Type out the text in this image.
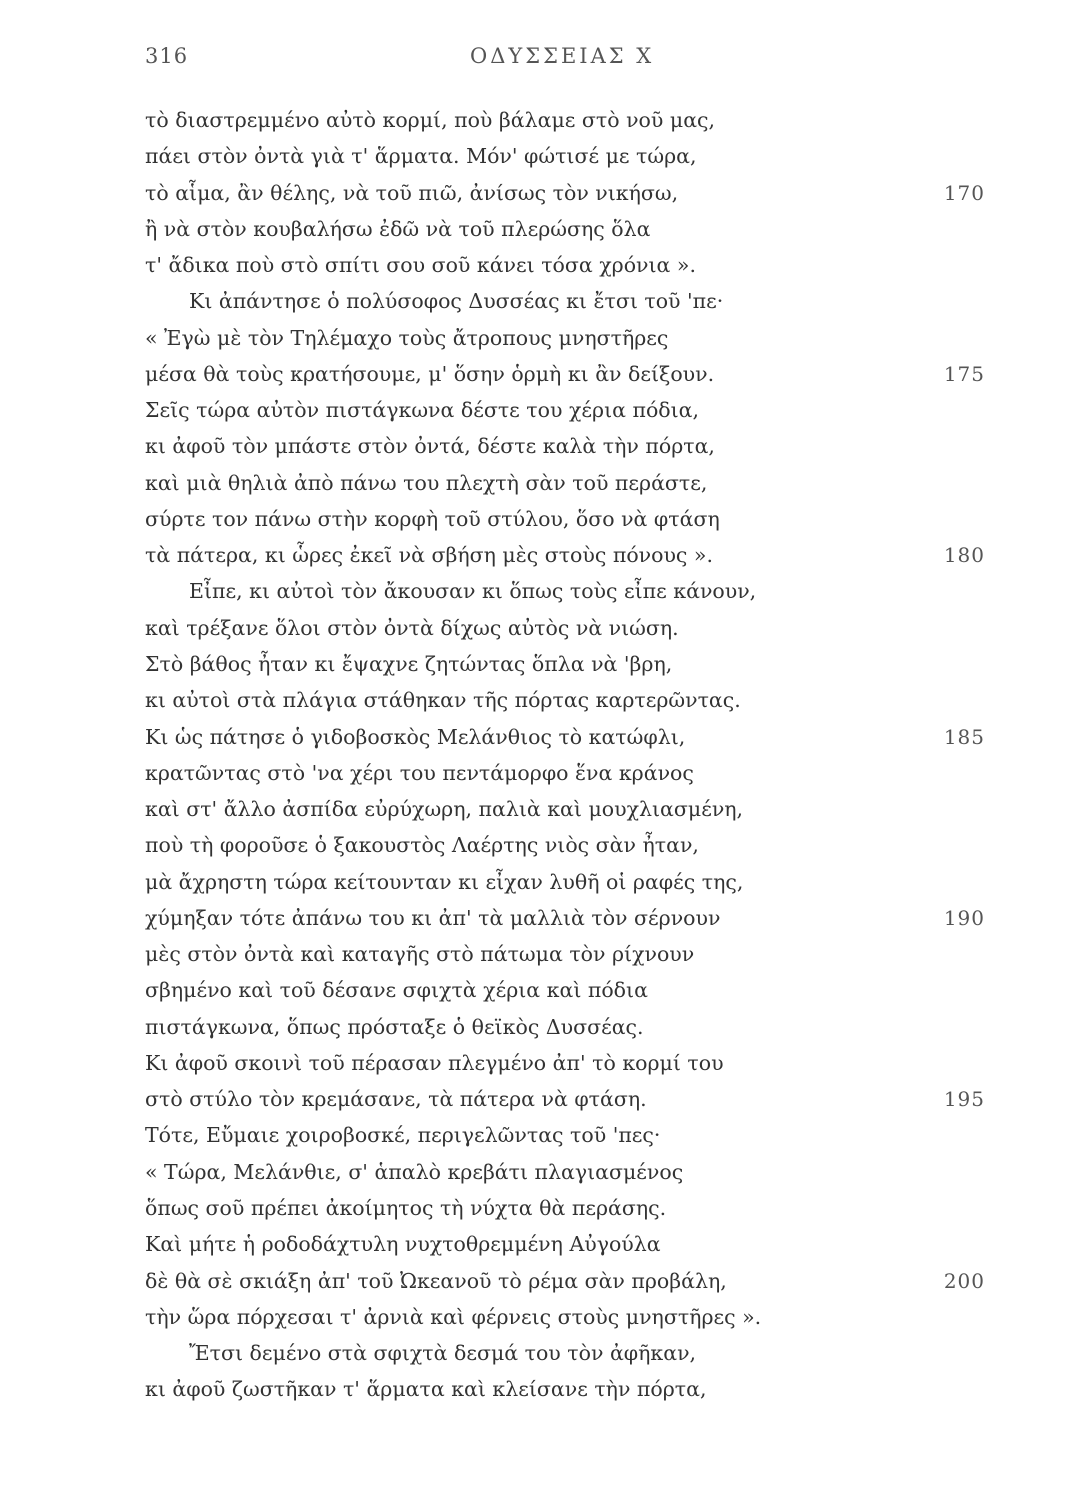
316	ΟΔΥΣΣΕΙΑΣ Χ
τὸ διαστρεμμένο αὐτὸ κορμί, ποὺ βάλαμε στὸ νοῦ μας,
πάει στὸν ὀντὰ γιὰ τ' ἅρματα. Μόν' φώτισέ με τώρα,
τὸ αἷμα, ἂν θέλης, νὰ τοῦ πιῶ, ἀνίσως τὸν νικήσω,	170
ἢ νὰ στὸν κουβαλήσω ἐδῶ νὰ τοῦ πλερώσης ὅλα
τ' ἄδικα ποὺ στὸ σπίτι σου σοῦ κάνει τόσα χρόνια ».
Κι ἀπάντησε ὁ πολύσοφος Δυσσέας κι ἔτσι τοῦ 'πε·
« Ἐγὼ μὲ τὸν Τηλέμαχο τοὺς ἄτροπους μνηστῆρες
μέσα θὰ τοὺς κρατήσουμε, μ' ὅσην ὁρμὴ κι ἂν δείξουν.	175
Σεῖς τώρα αὐτὸν πιστάγκωνα δέστε του χέρια πόδια,
κι ἀφοῦ τὸν μπάστε στὸν ὀντά, δέστε καλὰ τὴν πόρτα,
καὶ μιὰ θηλιὰ ἀπὸ πάνω του πλεχτὴ σὰν τοῦ περάστε,
σύρτε τον πάνω στὴν κορφὴ τοῦ στύλου, ὅσο νὰ φτάση
τὰ πάτερα, κι ὧρες ἐκεῖ νὰ σβήση μὲς στοὺς πόνους ».	180
Εἶπε, κι αὐτοὶ τὸν ἄκουσαν κι ὅπως τοὺς εἶπε κάνουν,
καὶ τρέξανε ὅλοι στὸν ὀντὰ δίχως αὐτὸς νὰ νιώση.
Στὸ βάθος ἦταν κι ἔψαχνε ζητώντας ὅπλα νὰ 'βρη,
κι αὐτοὶ στὰ πλάγια στάθηκαν τῆς πόρτας καρτερῶντας.
Κι ὡς πάτησε ὁ γιδοβοσκὸς Μελάνθιος τὸ κατώφλι,	185
κρατῶντας στὸ 'να χέρι του πεντάμορφο ἕνα κράνος
καὶ στ' ἄλλο ἀσπίδα εὐρύχωρη, παλιὰ καὶ μουχλιασμένη,
ποὺ τὴ φοροῦσε ὁ ξακουστὸς Λαέρτης νιὸς σὰν ἦταν,
μὰ ἄχρηστη τώρα κείτουνταν κι εἶχαν λυθῆ οἱ ραφές της,
χύμηξαν τότε ἀπάνω του κι ἀπ' τὰ μαλλιὰ τὸν σέρνουν	190
μὲς στὸν ὀντὰ καὶ καταγῆς στὸ πάτωμα τὸν ρίχνουν
σβημένο καὶ τοῦ δέσανε σφιχτὰ χέρια καὶ πόδια
πιστάγκωνα, ὅπως πρόσταξε ὁ θεϊκὸς Δυσσέας.
Κι ἀφοῦ σκοινὶ τοῦ πέρασαν πλεγμένο ἀπ' τὸ κορμί του
στὸ στύλο τὸν κρεμάσανε, τὰ πάτερα νὰ φτάση.	195
Τότε, Εὔμαιε χοιροβοσκέ, περιγελῶντας τοῦ 'πες·
« Τώρα, Μελάνθιε, σ' ἁπαλὸ κρεβάτι πλαγιασμένος
ὅπως σοῦ πρέπει ἀκοίμητος τὴ νύχτα θὰ περάσης.
Καὶ μήτε ἡ ροδοδάχτυλη νυχτοθρεμμένη Αὐγούλα
δὲ θὰ σὲ σκιάξη ἀπ' τοῦ Ὠκεανοῦ τὸ ρέμα σὰν προβάλη,	200
τὴν ὥρα πόρχεσαι τ' ἀρνιὰ καὶ φέρνεις στοὺς μνηστῆρες ».
Ἔτσι δεμένο στὰ σφιχτὰ δεσμά του τὸν ἀφῆκαν,
κι ἀφοῦ ζωστῆκαν τ' ἅρματα καὶ κλείσανε τὴν πόρτα,
